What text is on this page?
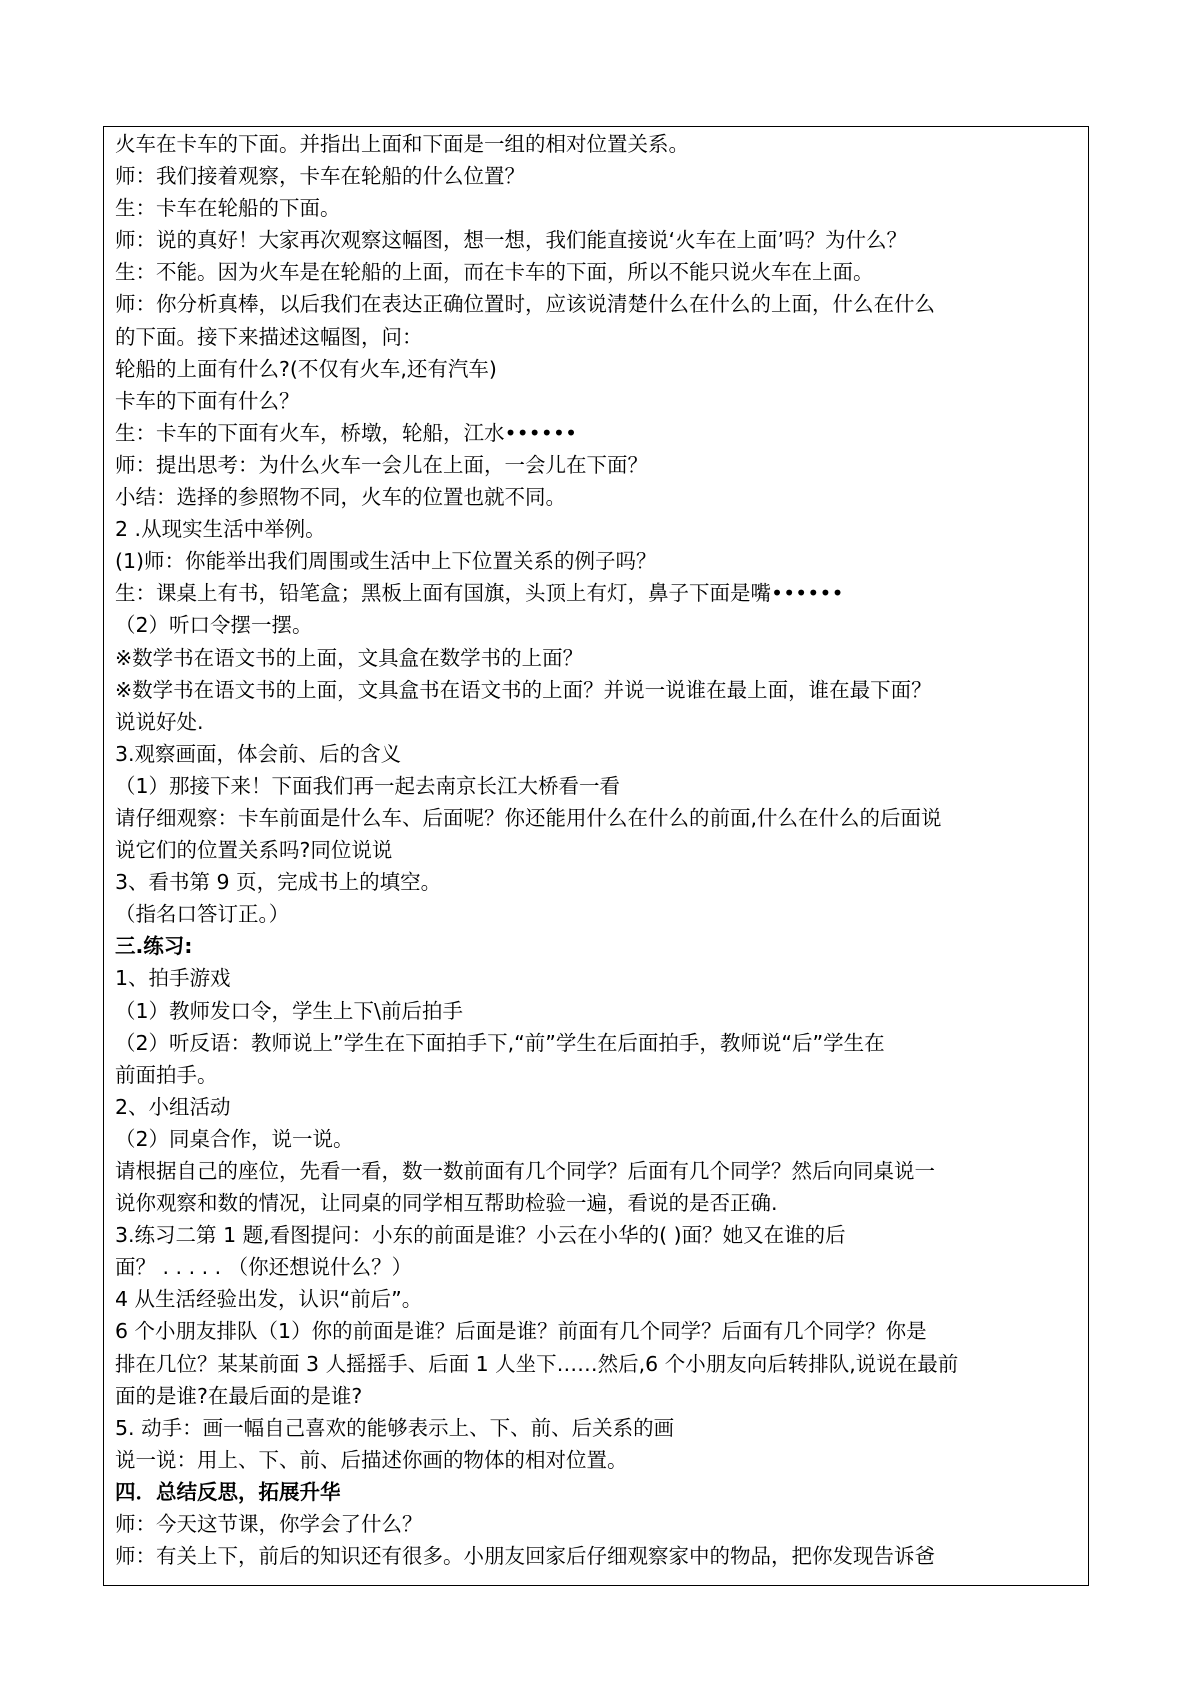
火车在卡车的下面。并指出上面和下面是一组的相对位置关系。
师：我们接着观察，卡车在轮船的什么位置？
生：卡车在轮船的下面。
师：说的真好！大家再次观察这幅图，想一想，我们能直接说‘火车在上面’吗？为什么？
生：不能。因为火车是在轮船的上面，而在卡车的下面，所以不能只说火车在上面。
师：你分析真棒，以后我们在表达正确位置时，应该说清楚什么在什么的上面，什么在什么
的下面。接下来描述这幅图，问：
轮船的上面有什么?(不仅有火车,还有汽车)
卡车的下面有什么？
生：卡车的下面有火车，桥墩，轮船，江水••••••
师：提出思考：为什么火车一会儿在上面，一会儿在下面？
小结：选择的参照物不同，火车的位置也就不同。
2 .从现实生活中举例。
(1)师：你能举出我们周围或生活中上下位置关系的例子吗？
生：课桌上有书，铅笔盒；黑板上面有国旗，头顶上有灯，鼻子下面是嘴••••••
（2）听口令摆一摆。
※数学书在语文书的上面，文具盒在数学书的上面？
※数学书在语文书的上面，文具盒书在语文书的上面？并说一说谁在最上面，谁在最下面？
说说好处.
3.观察画面，体会前、后的含义
（1）那接下来！下面我们再一起去南京长江大桥看一看
请仔细观察：卡车前面是什么车、后面呢？你还能用什么在什么的前面,什么在什么的后面说
说它们的位置关系吗?同位说说
3、看书第 9 页，完成书上的填空。
（指名口答订正。）
三.练习:
1、拍手游戏
（1）教师发口令，学生上下\前后拍手
（2）听反语：教师说上”学生在下面拍手下,“前”学生在后面拍手，教师说“后”学生在
前面拍手。
2、小组活动
（2）同桌合作，说一说。
请根据自己的座位，先看一看，数一数前面有几个同学？后面有几个同学？然后向同桌说一
说你观察和数的情况，让同桌的同学相互帮助检验一遍，看说的是否正确.
3.练习二第 1 题,看图提问：小东的前面是谁？小云在小华的( )面？她又在谁的后
面？ . . . . . （你还想说什么？）
4 从生活经验出发，认识“前后”。
6 个小朋友排队（1）你的前面是谁？后面是谁？前面有几个同学？后面有几个同学？你是
排在几位？某某前面 3 人摇摇手、后面 1 人坐下……然后,6 个小朋友向后转排队,说说在最前
面的是谁?在最后面的是谁?
5. 动手：画一幅自己喜欢的能够表示上、下、前、后关系的画
说一说：用上、下、前、后描述你画的物体的相对位置。
四．总结反思，拓展升华
师：今天这节课，你学会了什么？
师：有关上下，前后的知识还有很多。小朋友回家后仔细观察家中的物品，把你发现告诉爸
